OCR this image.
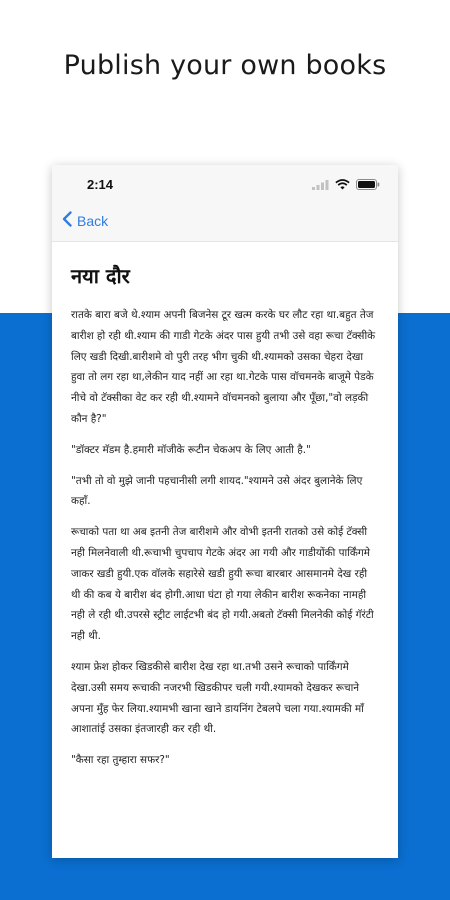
Publish your own books
2:14
Back
नया दौर

रातके बारा बजे थे.श्याम अपनी बिजनेस टूर खत्म करके घर लौट रहा था.बहुत तेज बारीश हो रही थी.श्याम की गाडी गेटके अंदर पास हुयी तभी उसे वहा रूचा टॅक्सीके लिए खडी दिखी.बारीशमे वो पुरी तरह भीग चुकी थी.श्यामको उसका चेहरा देखा हुवा तो लग रहा था,लेकीन याद नहीं आ रहा था.गेटके पास वॉचमनके बाजूमे पेडके नीचे वो टॅक्सीका वेट कर रही थी.श्यामने वॉचमनको बुलाया और पूँछा,"वो लड़की कौन है?"

"डॉक्टर मॅडम है.हमारी मॉजीके रूटीन चेकअप के लिए आती है."

"तभी तो वो मुझे जानी पहचानीसी लगी शायद."श्यामने उसे अंदर बुलानेके लिए कहाँ.

रूचाको पता था अब इतनी तेज बारीशमे और वोभी इतनी रातको उसे कोई टॅक्सी नही मिलनेवाली थी.रूचाभी चुपचाप गेटके अंदर आ गयी और गाडीयोंकी पार्किंगमे जाकर खडी हुयी.एक वॉलके सहारेसे खडी हुयी रूचा बारबार आसमानमे देख रही थी की कब ये बारीश बंद होगी.आधा घंटा हो गया लेकीन बारीश रूकनेका नामही नही ले रही थी.उपरसे स्ट्रीट लाईटभी बंद हो गयी.अबतो टॅक्सी मिलनेकी कोई गॅरंटी नही थी.

श्याम फ्रेश होकर खिडकीसे बारीश देख रहा था.तभी उसने रूचाको पार्किंगमे देखा.उसी समय रूचाकी नजरभी खिडकीपर चली गयी.श्यामको देखकर रूचाने अपना मुँह फेर लिया.श्यामभी खाना खाने डायनिंग टेबलपे चला गया.श्यामकी माँ आशातांई उसका इंतजारही कर रही थी.

"कैसा रहा तुम्हारा सफर?"
